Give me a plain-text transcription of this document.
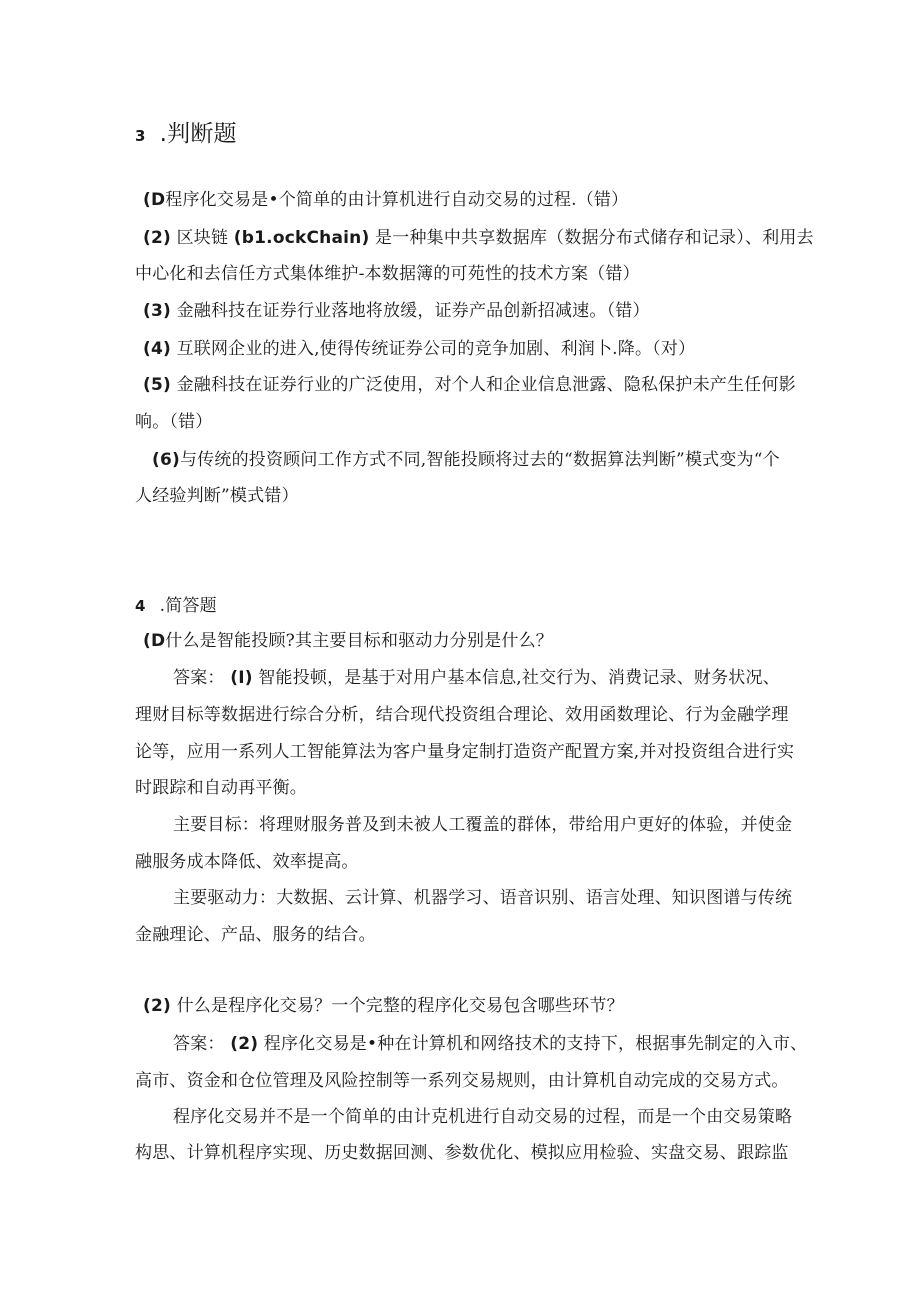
3 .判断题
(D程序化交易是•个简单的由计算机进行自动交易的过程.（错）
(2) 区块链 (b1.ockChain) 是一种集中共享数据库（数据分布式储存和记录）、利用去
中心化和去信任方式集体维护-本数据簿的可苑性的技术方案（错）
(3) 金融科技在证券行业落地将放缓，证券产品创新招减速。（错）
(4) 互联网企业的进入,使得传统证券公司的竞争加剧、利润卜.降。（对）
(5) 金融科技在证券行业的广泛使用，对个人和企业信息泄露、隐私保护未产生任何影
响。（错）
(6)与传统的投资顾问工作方式不同,智能投顾将过去的“数据算法判断”模式变为“个
人经验判断”模式错）
4 .简答题
(D什么是智能投顾?其主要目标和驱动力分别是什么？
答案： (I) 智能投顿，是基于对用户基本信息,社交行为、消费记录、财务状况、
理财目标等数据进行综合分析，结合现代投资组合理论、效用函数理论、行为金融学理
论等，应用一系列人工智能算法为客户量身定制打造资产配置方案,并对投资组合进行实
时跟踪和自动再平衡。
主要目标：将理财服务普及到未被人工覆盖的群体，带给用户更好的体验，并使金
融服务成本降低、效率提高。
主要驱动力：大数据、云计算、机器学习、语音识别、语言处理、知识图谱与传统
金融理论、产品、服务的结合。
(2) 什么是程序化交易？一个完整的程序化交易包含哪些环节？
答案： (2) 程序化交易是•种在计算机和网络技术的支持下，根据事先制定的入市、
高市、资金和仓位管理及风险控制等一系列交易规则，由计算机自动完成的交易方式。
程序化交易并不是一个简单的由计克机进行自动交易的过程，而是一个由交易策略
构思、计算机程序实现、历史数据回测、参数优化、模拟应用检验、实盘交易、跟踪监
